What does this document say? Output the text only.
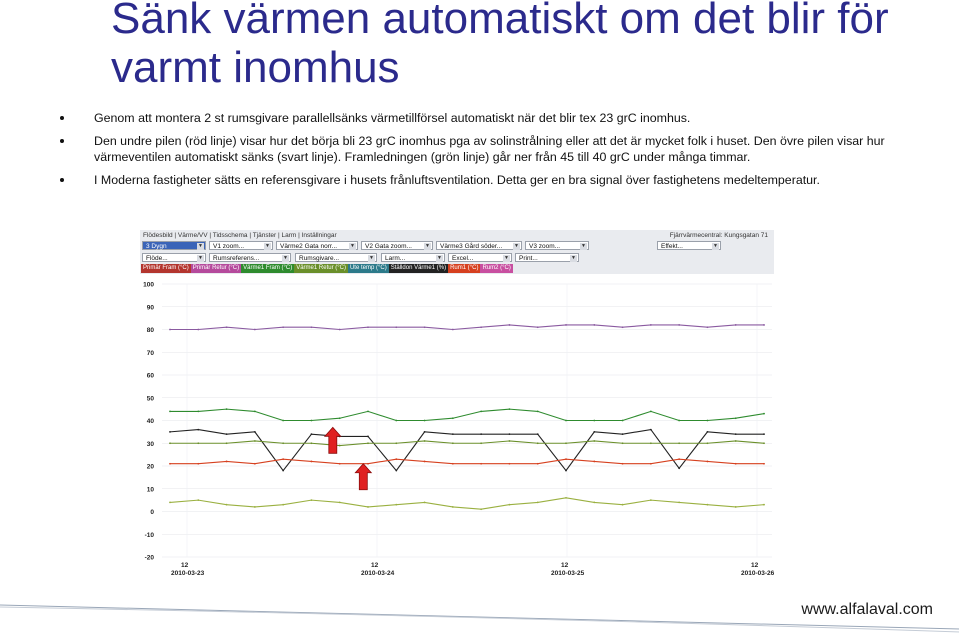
Sänk värmen automatiskt om det blir för varmt inomhus
Genom att montera 2 st rumsgivare parallellsänks värmetillförsel automatiskt när det blir tex 23 grC inomhus.
Den undre pilen (röd linje) visar hur det börja bli 23 grC inomhus pga av solinstrålning eller att det är mycket folk i huset. Den övre pilen visar hur värmeventilen automatiskt sänks (svart linje). Framledningen (grön linje) går ner från 45 till 40 grC under många timmar.
I Moderna fastigheter sätts en referensgivare i husets frånluftsventilation. Detta ger en bra signal över fastighetens medeltemperatur.
Flödesbild | Värme/VV | Tidsschema | Tjänster | Larm | Inställningar	Fjärrvärmecentral: Kungsgatan 71
3 Dygn	▼	V1 zoom...	▼	Värme2 Gata norr...	▼	V2 Gata zoom...	▼	Värme3 Gård söder... ▼	V3 zoom...	▼	Effekt...	▼
Flöde...	▼	Rumsreferens...	▼	Rumsgivare...	▼	Larm...	▼	Excel...	▼	Print...	▼
Primär Fram (°C) Primär Retur (°C) Värme1 Fram (°C) Värme1 Retur (°C) Ute temp (°C) Ställdon Värme1 (%) Rum1 (°C) Rum2 (°C)
100
90
80
70
60
50
40
30
20
10
0
-10
-20
12
2010-03-23
12
2010-03-24
12
2010-03-25
12
2010-03-26
www.alfalaval.com
